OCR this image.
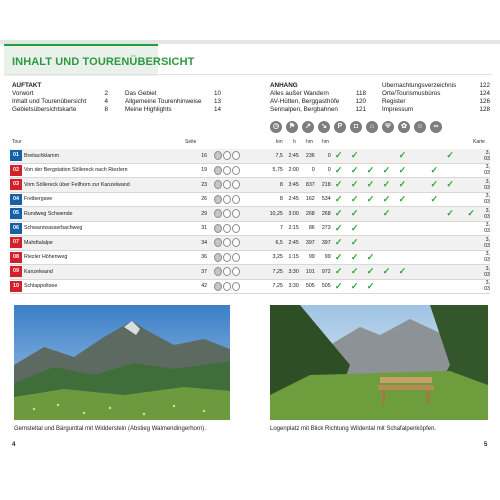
INHALT UND TOURENÜBERSICHT
AUFTAKT
Vorwort	2
Inhalt und Tourenübersicht	4
Gebietsübersichtskarte	8
Das Gebiet	10
Allgemeine Tourenhinweise	13
Meine Highlights	14
ANHANG
Alles außer Wandern	118
AV-Hütten, Berggasthöfe	120
Sennalpen, Bergbahnen	121
Übernachtungsverzeichnis	122
Orte/Tourismusbüros	124
Register	126
Impressum	128
◷	⚑	↗	↘	P	◘	⌂	Ψ	✿	☺	∞
Tour	Seite	km h hm hm	Karte
01	Breitachklamm	16		7,5	2:45	236	0	✓	✓			✓			✓			3, 03
02	Von der Bergstation Söllereck nach Riezlern	19		5,75	2:00	0	0	✓	✓	✓	✓	✓		✓				3, 03
03	Vom Söllereck über Fellhorn zur Kanzelwand	23		8	3:45	837	218	✓	✓	✓	✓	✓		✓	✓			3, 03
04	Freibergsee	26		8	2:45	162	534	✓	✓	✓	✓	✓		✓				3, 03
05	Rundweg Schwende	29		10,25	3:00	268	268	✓	✓		✓				✓	✓		3, 03
06	Schwarzwasserbachweg	31		7	2:15	86	273	✓	✓									3, 03
07	Mahdtalalpe	34		6,5	2:45	397	397	✓	✓									3, 03
08	Riezler Höhenweg	36		3,25	1:15	99	99	✓	✓	✓								3, 03
09	Kanzelwand	37		7,25	3:30	101	972	✓	✓	✓	✓	✓						3, 03
10	Schlappoltsee	42		7,25	3:30	505	505	✓	✓	✓								3, 03
Gemsteltal und Bärgunttal mit Widderstein (Abstieg Walmendingerhorn).	Logenplatz mit Blick Richtung Wildental mit Schafalpenköpfen.
4	5
